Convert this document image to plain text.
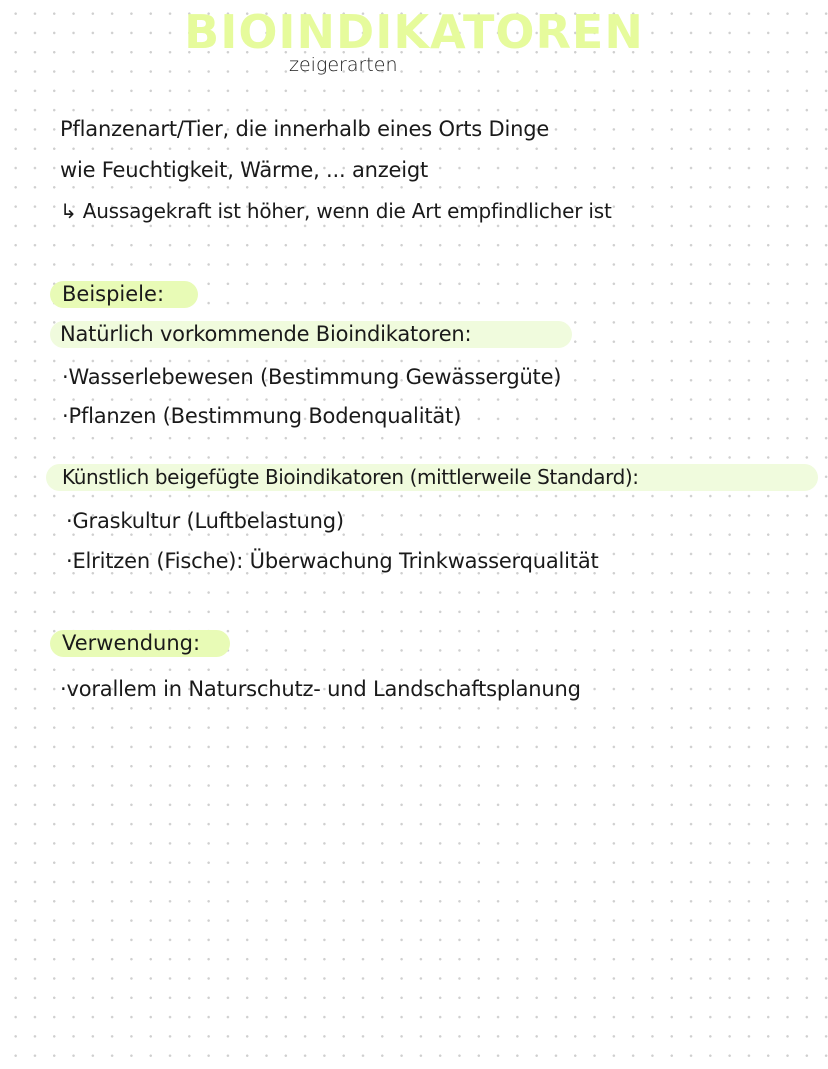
BIOINDIKATOREN
zeigerarten
Pflanzenart/Tier, die innerhalb eines Orts Dinge
wie Feuchtigkeit, Wärme, ... anzeigt
↳ Aussagekraft ist höher, wenn die Art empfindlicher ist
Beispiele:
Natürlich vorkommende Bioindikatoren:
·Wasserlebewesen (Bestimmung Gewässergüte)
·Pflanzen (Bestimmung Bodenqualität)
Künstlich beigefügte Bioindikatoren (mittlerweile Standard):
·Graskultur (Luftbelastung)
·Elritzen (Fische): Überwachung Trinkwasserqualität
Verwendung:
·vorallem in Naturschutz- und Landschaftsplanung
